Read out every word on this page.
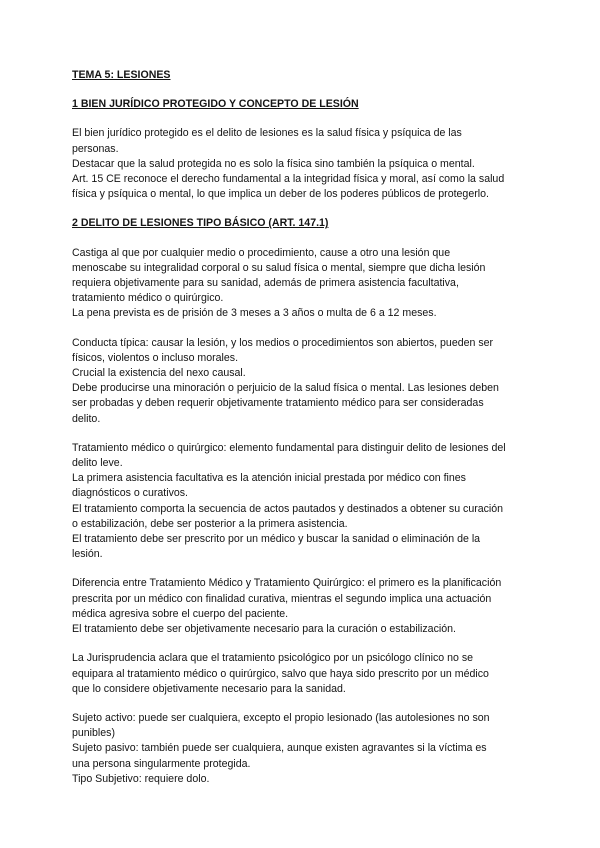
TEMA 5: LESIONES
1 BIEN JURÍDICO PROTEGIDO Y CONCEPTO DE LESIÓN
El bien jurídico protegido es el delito de lesiones es la salud física y psíquica de las
personas.
Destacar que la salud protegida no es solo la física sino también la psíquica o mental.
Art. 15 CE reconoce el derecho fundamental a la integridad física y moral, así como la salud
física y psíquica o mental, lo que implica un deber de los poderes públicos de protegerlo.
2 DELITO DE LESIONES TIPO BÁSICO (ART. 147.1)
Castiga al que por cualquier medio o procedimiento, cause a otro una lesión que
menoscabe su integralidad corporal o su salud física o mental, siempre que dicha lesión
requiera objetivamente para su sanidad, además de primera asistencia facultativa,
tratamiento médico o quirúrgico.
La pena prevista es de prisión de 3 meses a 3 años o multa de 6 a 12 meses.
Conducta típica: causar la lesión, y los medios o procedimientos son abiertos, pueden ser
físicos, violentos o incluso morales.
Crucial la existencia del nexo causal.
Debe producirse una minoración o perjuicio de la salud física o mental. Las lesiones deben
ser probadas y deben requerir objetivamente tratamiento médico para ser consideradas
delito.
Tratamiento médico o quirúrgico: elemento fundamental para distinguir delito de lesiones del
delito leve.
La primera asistencia facultativa es la atención inicial prestada por médico con fines
diagnósticos o curativos.
El tratamiento comporta la secuencia de actos pautados y destinados a obtener su curación
o estabilización, debe ser posterior a la primera asistencia.
El tratamiento debe ser prescrito por un médico y buscar la sanidad o eliminación de la
lesión.
Diferencia entre Tratamiento Médico y Tratamiento Quirúrgico: el primero es la planificación
prescrita por un médico con finalidad curativa, mientras el segundo implica una actuación
médica agresiva sobre el cuerpo del paciente.
El tratamiento debe ser objetivamente necesario para la curación o estabilización.
La Jurisprudencia aclara que el tratamiento psicológico por un psicólogo clínico no se
equipara al tratamiento médico o quirúrgico, salvo que haya sido prescrito por un médico
que lo considere objetivamente necesario para la sanidad.
Sujeto activo: puede ser cualquiera, excepto el propio lesionado (las autolesiones no son
punibles)
Sujeto pasivo: también puede ser cualquiera, aunque existen agravantes si la víctima es
una persona singularmente protegida.
Tipo Subjetivo: requiere dolo.
